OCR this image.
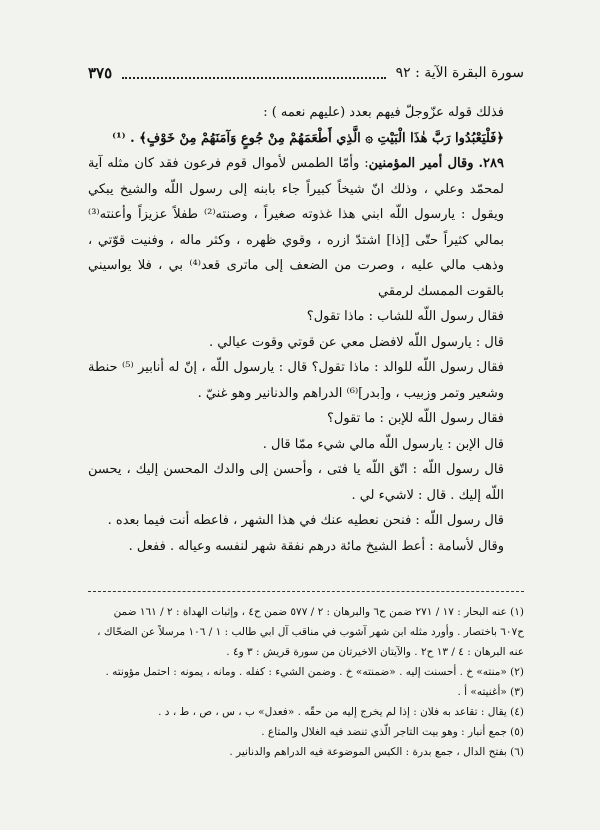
سورة البقرة الآية : ٩٢
٣٧٥

فذلك قوله عزّوجلّ فيهم بعدد (عليهم نعمه ) :

﴿فَلْيَعْبُدُوا رَبَّ هٰذَا الْبَيْتِ ۞ الَّذِي أَطْعَمَهُمْ مِنْ جُوعٍ وَآمَنَهُمْ مِنْ خَوْفٍ﴾ . ⁽¹⁾

٢٨٩. وقال أمير المؤمنين: وأمّا الطمس لأموال قوم فرعون فقد كان مثله آية لمحمّد وعلي ، وذلك انّ شيخاً كبيراً جاء بابنه إلى رسول اللّه والشيخ يبكي ويقول : يارسول اللّه ابني هذا غذوته صغيراً ، وصنته⁽²⁾ طفلاً عزيزاً وأعنته⁽³⁾ بمالي كثيراً حتّى [إذا] اشتدّ ازره ، وقوي ظهره ، وكثر ماله ، وفنيت قوّتي ، وذهب مالي عليه ، وصرت من الضعف إلى ماترى قعد⁽⁴⁾ بي ، فلا يواسيني بالقوت الممسك لرمقي

فقال رسول اللّه للشاب : ماذا تقول؟

قال : يارسول اللّه لافضل معي عن قوتي وقوت عيالي .

فقال رسول اللّه للوالد : ماذا تقول؟ قال : يارسول اللّه ، إنّ له أنابير ⁽⁵⁾ حنطة وشعير وتمر وزبيب ، و[بدر]⁽⁶⁾ الدراهم والدنانير وهو غنيّ .

فقال رسول اللّه للإبن : ما تقول؟

قال الإبن : يارسول اللّه مالي شيء ممّا قال .

قال رسول اللّه : اتّق اللّه يا فتى ، وأحسن إلى والدك المحسن إليك ، يحسن اللّه إليك . قال : لاشيء لي .

قال رسول اللّه : فنحن نعطيه عنك في هذا الشهر ، فاعطه أنت فيما بعده .

وقال لأسامة : أعط الشيخ مائة درهم نفقة شهر لنفسه وعياله . ففعل .

(١) عنه البحار : ١٧ / ٢٧١ ضمن ح٦ والبرهان : ٢ / ٥٧٧ ضمن ح٤ ، وإثبات الهداة : ٢ / ١٦١ ضمن ح٦٠٧ باختصار . وأورد مثله ابن شهر آشوب في مناقب آل ابي طالب : ١ / ١٠٦ مرسلاً عن الضحّاك ، عنه البرهان : ٤ / ١٣ ح٢ . والآيتان الاخيرتان من سورة قريش : ٣ و٤ .

(٢) «منته» خ . أحسنت إليه . «ضمنته» خ . وضمن الشيء : كفله . ومانه ، يمونه : احتمل مؤونته .

(٣) «أغنيته» أ .

(٤) يقال : تقاعد به فلان : إذا لم يخرج إليه من حقّه . «فعدل» ب ، س ، ص ، ط ، د .

(٥) جمع أنبار : وهو بيت التاجر الّذي تنضد فيه الغلال والمتاع .

(٦) بفتح الدال ، جمع بدرة : الكيس الموضوعة فيه الدراهم والدنانير .
